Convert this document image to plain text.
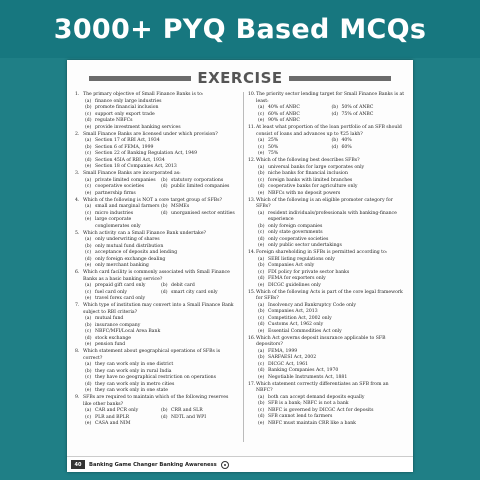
3000+ PYQ Based MCQs
EXERCISE
1. The primary objective of Small Finance Banks is to:
(a) finance only large industries
(b) promote financial inclusion
(c) support only export trade
(d) regulate NBFCs
(e) provide investment banking services
2. Small Finance Banks are licensed under which provision?
(a) Section 17 of RBI Act, 1934
(b) Section 6 of FEMA, 1999
(c) Section 22 of Banking Regulation Act, 1949
(d) Section 45IA of RBI Act, 1934
(e) Section 18 of Companies Act, 2013
3. Small Finance Banks are incorporated as:
(a) private limited companies (b) statutory corporations
(c) cooperative societies	(d) public limited companies
(e) partnership firms
4. Which of the following is NOT a core target group of SFBs?
(a) small and marginal farmers (b) MSMEs
(c) micro industries	(d) unorganised sector entities
(e) large corporate conglomerates only
5. Which activity can a Small Finance Bank undertake?
(a) only underwriting of shares
(b) only mutual fund distribution
(c) acceptance of deposits and lending
(d) only foreign exchange dealing
(e) only merchant banking
6. Which card facility is commonly associated with Small Finance Banks as a basic banking service?
(a) prepaid gift card only	(b) debit card
(c) fuel card only	(d) smart city card only
(e) travel forex card only
7. Which type of institution may convert into a Small Finance Bank subject to RBI criteria?
(a) mutual fund
(b) insurance company
(c) NBFC/MFI/Local Area Bank
(d) stock exchange
(e) pension fund
8. Which statement about geographical operations of SFBs is correct?
(a) they can work only in one district
(b) they can work only in rural India
(c) they have no geographical restriction on operations
(d) they can work only in metro cities
(e) they can work only in one state
9. SFBs are required to maintain which of the following reserves like other banks?
(a) CAR and PCR only	(b) CRR and SLR
(c) PLR and BPLR	(d) NDTL and WPI
(e) CASA and NIM
10. The priority sector lending target for Small Finance Banks is at least:
(a) 40% of ANBC	(b) 50% of ANBC
(c) 60% of ANBC	(d) 75% of ANBC
(e) 90% of ANBC
11. At least what proportion of the loan portfolio of an SFB should consist of loans and advances up to ₹25 lakh?
(a) 25%	(b) 40%
(c) 50%	(d) 60%
(e) 75%
12. Which of the following best describes SFBs?
(a) universal banks for large corporates only
(b) niche banks for financial inclusion
(c) foreign banks with limited branches
(d) cooperative banks for agriculture only
(e) NBFCs with no deposit powers
13. Which of the following is an eligible promoter category for SFBs?
(a) resident individuals/professionals with banking-finance experience
(b) only foreign companies
(c) only state governments
(d) only cooperative societies
(e) only public sector undertakings
14. Foreign shareholding in SFBs is permitted according to:
(a) SEBI listing regulations only
(b) Companies Act only
(c) FDI policy for private sector banks
(d) FEMA for exporters only
(e) DICGC guidelines only
15. Which of the following Acts is part of the core legal framework for SFBs?
(a) Insolvency and Bankruptcy Code only
(b) Companies Act, 2013
(c) Competition Act, 2002 only
(d) Customs Act, 1962 only
(e) Essential Commodities Act only
16. Which Act governs deposit insurance applicable to SFB depositors?
(a) FEMA, 1999
(b) SARFAESI Act, 2002
(c) DICGC Act, 1961
(d) Banking Companies Act, 1970
(e) Negotiable Instruments Act, 1881
17. Which statement correctly differentiates an SFB from an NBFC?
(a) both can accept demand deposits equally
(b) SFB is a bank; NBFC is not a bank
(c) NBFC is governed by DICGC Act for deposits
(d) SFB cannot lend to farmers
(e) NBFC must maintain CRR like a bank
40	Banking Game Changer Banking Awareness
